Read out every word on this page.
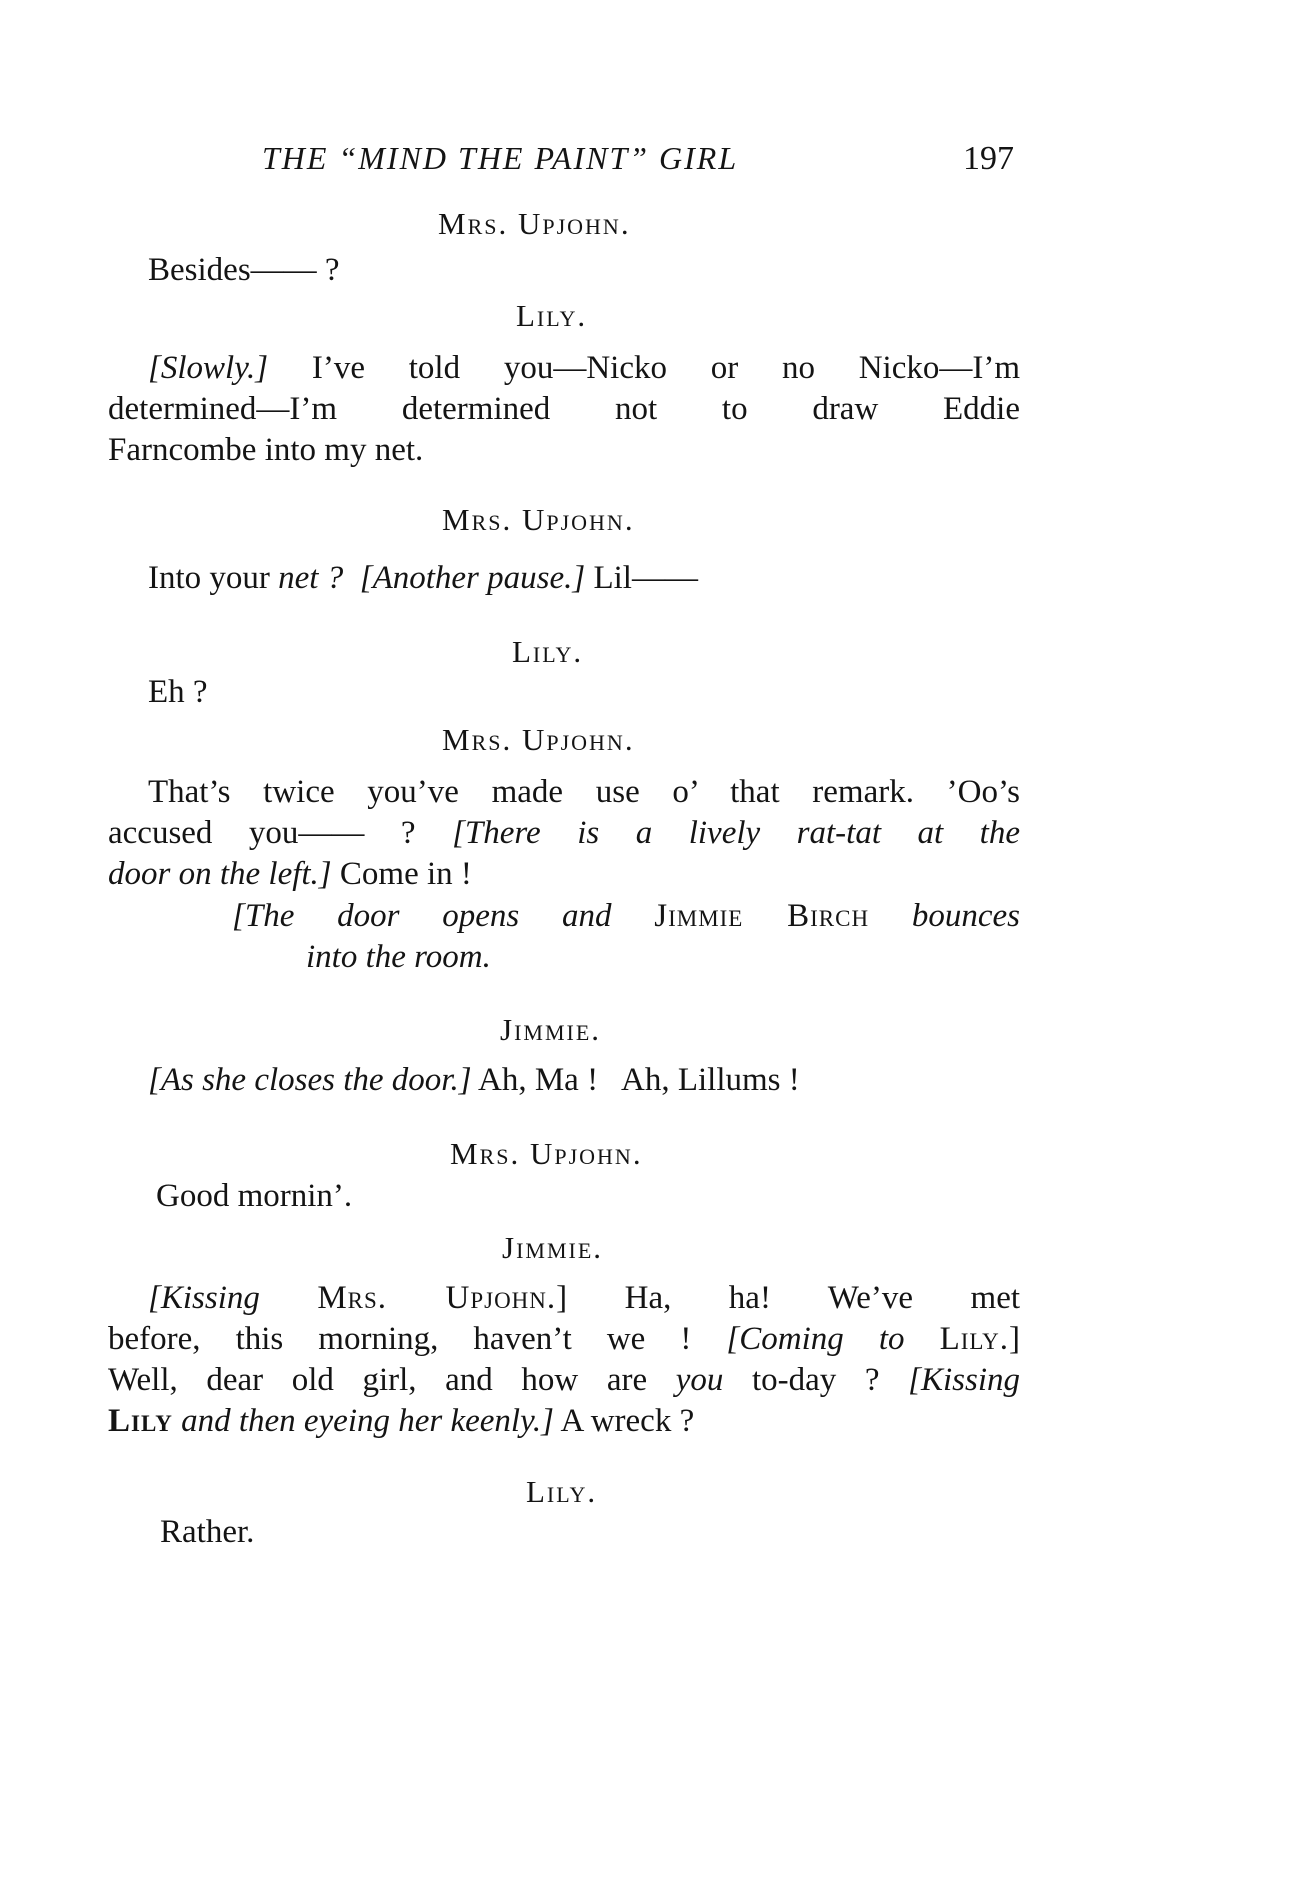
THE “MIND THE PAINT” GIRL	197
Mrs. Upjohn.
Besides—— ?
Lily.
[Slowly.] I’ve told you—Nicko or no Nicko—I’m
determined—I’m determined not to draw Eddie
Farncombe into my net.
Mrs. Upjohn.
Into your net ? [Another pause.] Lil——
Lily.
Eh ?
Mrs. Upjohn.
That’s twice you’ve made use o’ that remark. ’Oo’s
accused you—— ? [There is a lively rat-tat at the
door on the left.] Come in !
[The door opens and Jimmie Birch bounces
into the room.
Jimmie.
[As she closes the door.] Ah, Ma !   Ah, Lillums !
Mrs. Upjohn.
Good mornin’.
Jimmie.
[Kissing Mrs. Upjohn.] Ha, ha! We’ve met
before, this morning, haven’t we ! [Coming to Lily.]
Well, dear old girl, and how are you to-day ? [Kissing
Lily and then eyeing her keenly.] A wreck ?
Lily.
Rather.
